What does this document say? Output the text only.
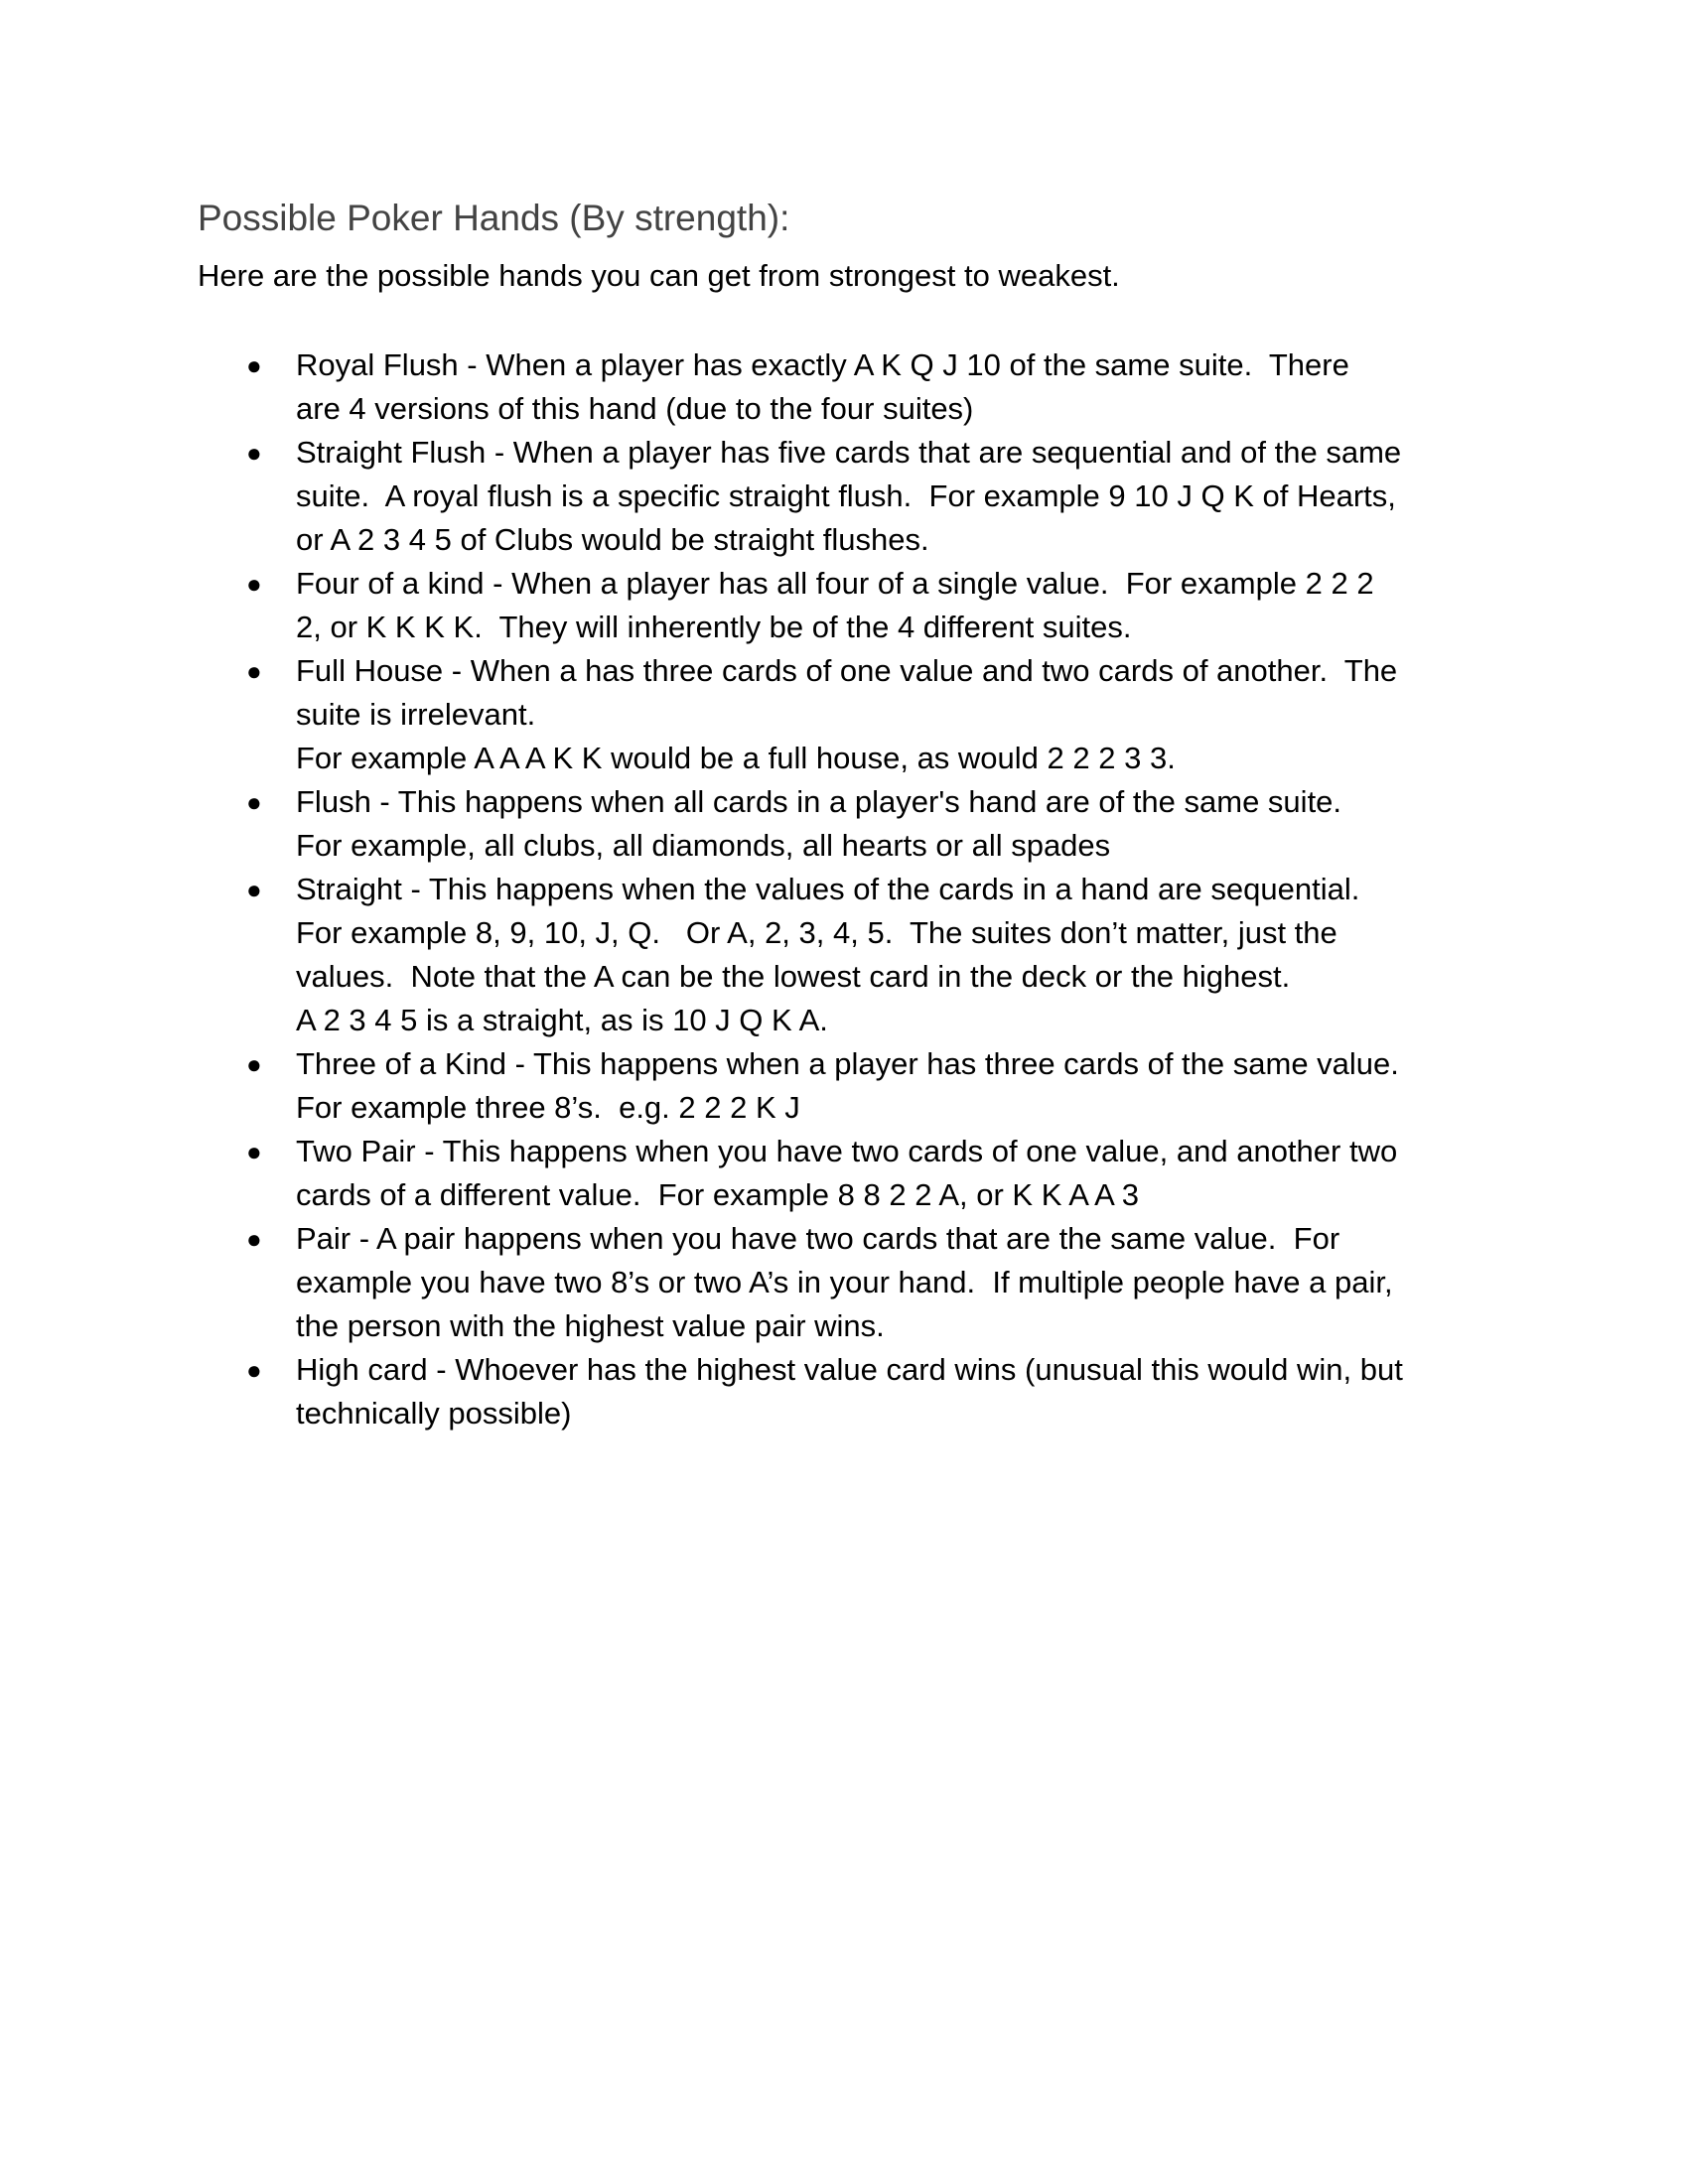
Possible Poker Hands (By strength):

Here are the possible hands you can get from strongest to weakest.

● Royal Flush - When a player has exactly A K Q J 10 of the same suite.  There
are 4 versions of this hand (due to the four suites)
● Straight Flush - When a player has five cards that are sequential and of the same
suite.  A royal flush is a specific straight flush.  For example 9 10 J Q K of Hearts,
or A 2 3 4 5 of Clubs would be straight flushes.
● Four of a kind - When a player has all four of a single value.  For example 2 2 2
2, or K K K K.  They will inherently be of the 4 different suites.
● Full House - When a has three cards of one value and two cards of another.  The
suite is irrelevant.
For example A A A K K would be a full house, as would 2 2 2 3 3.
● Flush - This happens when all cards in a player's hand are of the same suite.
For example, all clubs, all diamonds, all hearts or all spades
● Straight - This happens when the values of the cards in a hand are sequential.
For example 8, 9, 10, J, Q.   Or A, 2, 3, 4, 5.  The suites don’t matter, just the
values.  Note that the A can be the lowest card in the deck or the highest.
A 2 3 4 5 is a straight, as is 10 J Q K A.
● Three of a Kind - This happens when a player has three cards of the same value.
For example three 8’s.  e.g. 2 2 2 K J
● Two Pair - This happens when you have two cards of one value, and another two
cards of a different value.  For example 8 8 2 2 A, or K K A A 3
● Pair - A pair happens when you have two cards that are the same value.  For
example you have two 8’s or two A’s in your hand.  If multiple people have a pair,
the person with the highest value pair wins.
● High card - Whoever has the highest value card wins (unusual this would win, but
technically possible)
